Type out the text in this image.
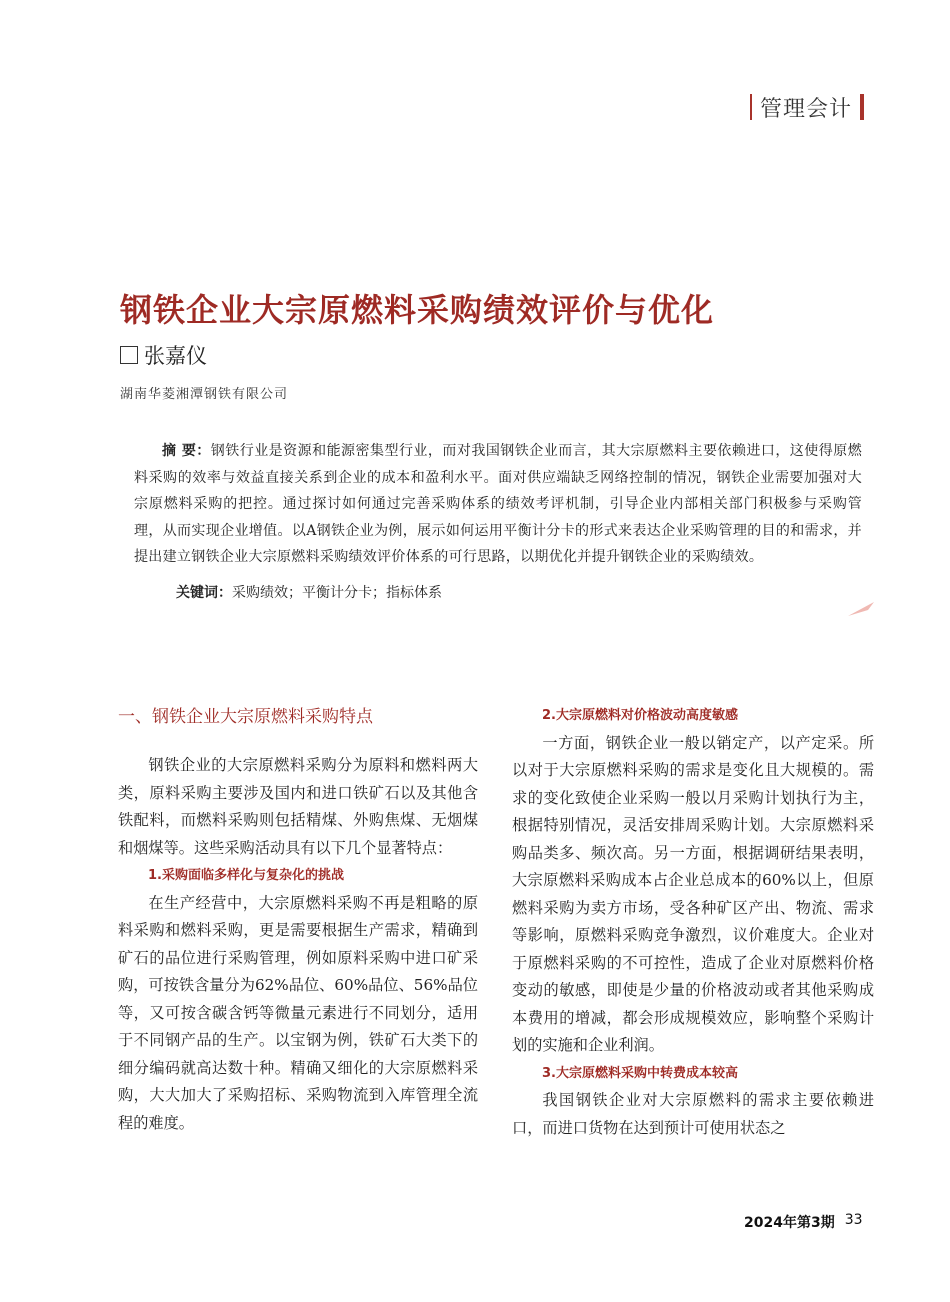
管理会计
钢铁企业大宗原燃料采购绩效评价与优化
张嘉仪
湖南华菱湘潭钢铁有限公司
摘 要：钢铁行业是资源和能源密集型行业，而对我国钢铁企业而言，其大宗原燃料主要依赖进口，这使得原燃料采购的效率与效益直接关系到企业的成本和盈利水平。面对供应端缺乏网络控制的情况，钢铁企业需要加强对大宗原燃料采购的把控。通过探讨如何通过完善采购体系的绩效考评机制，引导企业内部相关部门积极参与采购管理，从而实现企业增值。以A钢铁企业为例，展示如何运用平衡计分卡的形式来表达企业采购管理的目的和需求，并提出建立钢铁企业大宗原燃料采购绩效评价体系的可行思路，以期优化并提升钢铁企业的采购绩效。
关键词：采购绩效；平衡计分卡；指标体系
一、钢铁企业大宗原燃料采购特点

钢铁企业的大宗原燃料采购分为原料和燃料两大类，原料采购主要涉及国内和进口铁矿石以及其他含铁配料，而燃料采购则包括精煤、外购焦煤、无烟煤和烟煤等。这些采购活动具有以下几个显著特点：

1.采购面临多样化与复杂化的挑战

在生产经营中，大宗原燃料采购不再是粗略的原料采购和燃料采购，更是需要根据生产需求，精确到矿石的品位进行采购管理，例如原料采购中进口矿采购，可按铁含量分为62%品位、60%品位、56%品位等，又可按含碳含钙等微量元素进行不同划分，适用于不同钢产品的生产。以宝钢为例，铁矿石大类下的细分编码就高达数十种。精确又细化的大宗原燃料采购，大大加大了采购招标、采购物流到入库管理全流程的难度。

2.大宗原燃料对价格波动高度敏感

一方面，钢铁企业一般以销定产，以产定采。所以对于大宗原燃料采购的需求是变化且大规模的。需求的变化致使企业采购一般以月采购计划执行为主，根据特别情况，灵活安排周采购计划。大宗原燃料采购品类多、频次高。另一方面，根据调研结果表明，大宗原燃料采购成本占企业总成本的60%以上，但原燃料采购为卖方市场，受各种矿区产出、物流、需求等影响，原燃料采购竞争激烈，议价难度大。企业对于原燃料采购的不可控性，造成了企业对原燃料价格变动的敏感，即使是少量的价格波动或者其他采购成本费用的增减，都会形成规模效应，影响整个采购计划的实施和企业利润。

3.大宗原燃料采购中转费成本较高

我国钢铁企业对大宗原燃料的需求主要依赖进口，而进口货物在达到预计可使用状态之

2024年第3期 33
